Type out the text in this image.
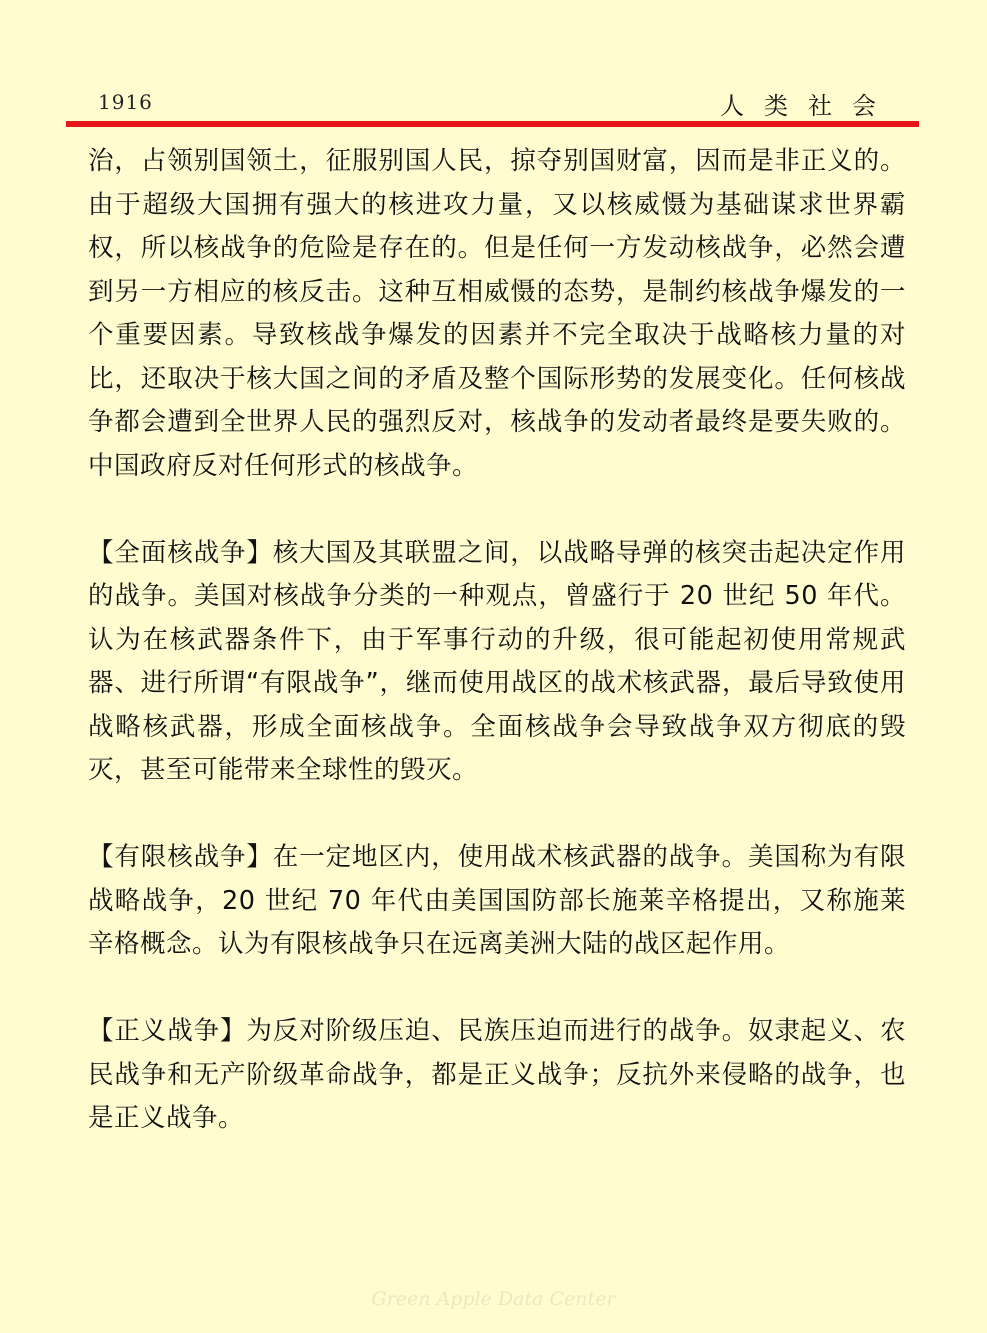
1916	人类社会

治，占领别国领土，征服别国人民，掠夺别国财富，因而是非正义的。由于超级大国拥有强大的核进攻力量，又以核威慑为基础谋求世界霸权，所以核战争的危险是存在的。但是任何一方发动核战争，必然会遭到另一方相应的核反击。这种互相威慑的态势，是制约核战争爆发的一个重要因素。导致核战争爆发的因素并不完全取决于战略核力量的对比，还取决于核大国之间的矛盾及整个国际形势的发展变化。任何核战争都会遭到全世界人民的强烈反对，核战争的发动者最终是要失败的。中国政府反对任何形式的核战争。

【全面核战争】核大国及其联盟之间，以战略导弹的核突击起决定作用的战争。美国对核战争分类的一种观点，曾盛行于 20 世纪 50 年代。认为在核武器条件下，由于军事行动的升级，很可能起初使用常规武器、进行所谓“有限战争”，继而使用战区的战术核武器，最后导致使用战略核武器，形成全面核战争。全面核战争会导致战争双方彻底的毁灭，甚至可能带来全球性的毁灭。

【有限核战争】在一定地区内，使用战术核武器的战争。美国称为有限战略战争，20 世纪 70 年代由美国国防部长施莱辛格提出，又称施莱辛格概念。认为有限核战争只在远离美洲大陆的战区起作用。

【正义战争】为反对阶级压迫、民族压迫而进行的战争。奴隶起义、农民战争和无产阶级革命战争，都是正义战争；反抗外来侵略的战争，也是正义战争。

Green Apple Data Center
